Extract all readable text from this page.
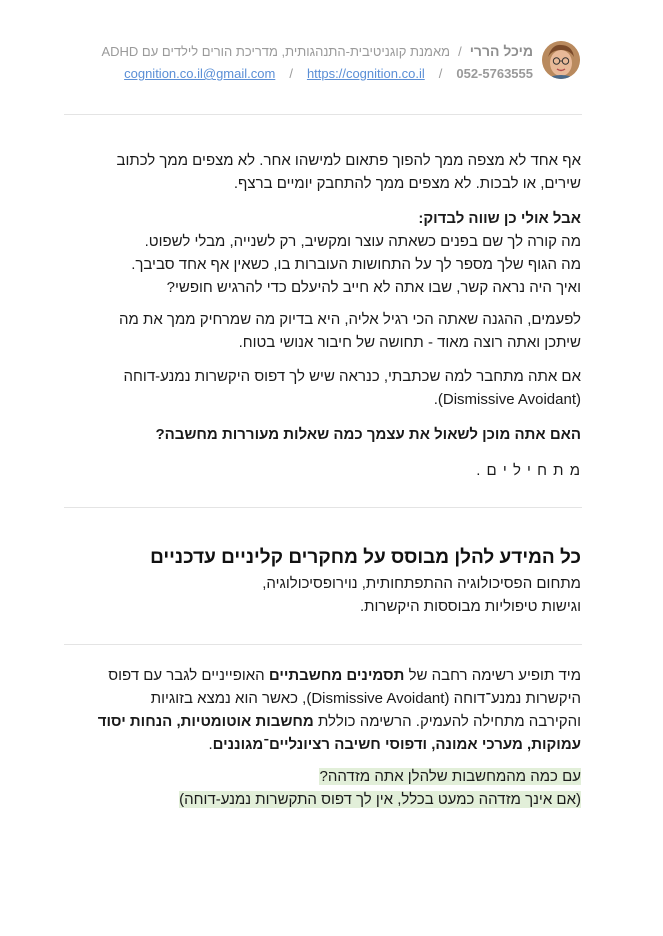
מיכל הררי/מאמנת קוגניטיבית-התנהגותית, מדריכת הורים לילדים עם ADHD
052-5763555/cognition.co.il@gmail.com / https://cognition.co.il

אף אחד לא מצפה ממך להפוך פתאום למישהו אחר. לא מצפים ממך לכתוב

שירים, או לבכות. לא מצפים ממך להתחבק יומיים ברצף.

אבל אולי כן שווה לבדוק:

מה קורה לך שם בפנים כשאתה עוצר ומקשיב, רק לשנייה, מבלי לשפוט.

מה הגוף שלך מספר לך על התחושות העוברות בו, כשאין אף אחד סביבך.

ואיך היה נראה קשר, שבו אתה לא חייב להיעלם כדי להרגיש חופשי?

לפעמים, ההגנה שאתה הכי רגיל אליה, היא בדיוק מה שמרחיק ממך את מה

שיתכן ואתה רוצה מאוד - תחושה של חיבור אנושי בטוח.

אם אתה מתחבר למה שכתבתי, כנראה שיש לך דפוס היקשרות נמנע-דוחה

(Dismissive Avoidant).

האם אתה מוכן לשאול את עצמך כמה שאלות מעוררות מחשבה?

מ ת ח י ל י ם .

כל המידע להלן מבוסס על מחקרים קליניים עדכניים

מתחום הפסיכולוגיה ההתפתחותית, נוירופסיכולוגיה,

וגישות טיפוליות מבוססות היקשרות.

מיד תופיע רשימה רחבה של תסמינים מחשבתיים האופייניים לגבר עם דפוס

היקשרות נמנע־דוחה (Dismissive Avoidant), כאשר הוא נמצא בזוגיות

והקירבה מתחילה להעמיק. הרשימה כוללת מחשבות אוטומטיות, הנחות יסוד

עמוקות, מערכי אמונה, ודפוסי חשיבה רציונליים־מגוננים.

עם כמה מהמחשבות שלהלן אתה מזדהה?

(אם אינך מזדהה כמעט בכלל, אין לך דפוס התקשרות נמנע-דוחה)
